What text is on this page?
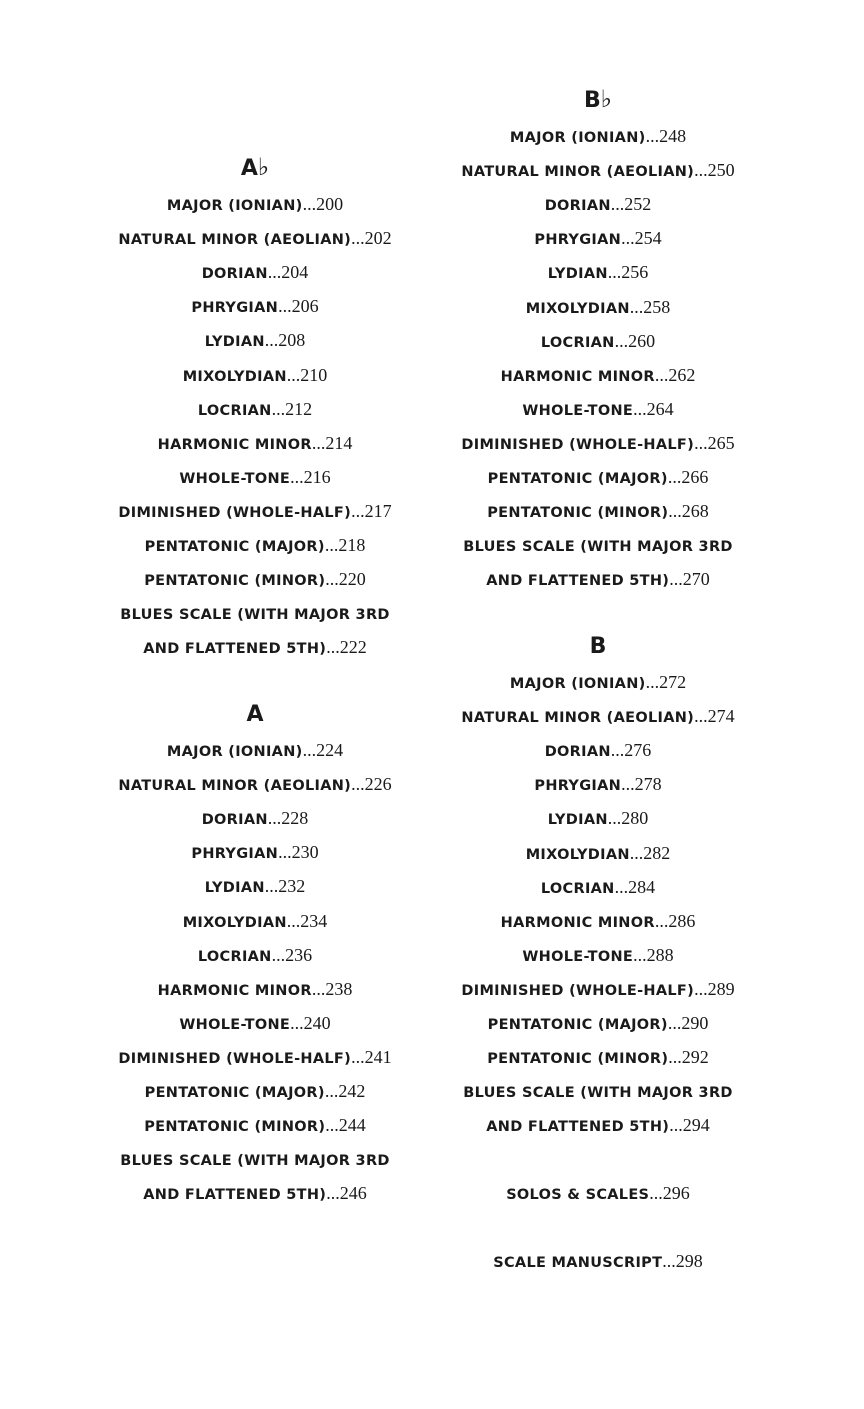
A♭
MAJOR (IONIAN)...200
NATURAL MINOR (AEOLIAN)...202
DORIAN...204
PHRYGIAN...206
LYDIAN...208
MIXOLYDIAN...210
LOCRIAN...212
HARMONIC MINOR...214
WHOLE-TONE...216
DIMINISHED (WHOLE-HALF)...217
PENTATONIC (MAJOR)...218
PENTATONIC (MINOR)...220
BLUES SCALE (WITH MAJOR 3RD
AND FLATTENED 5TH)...222
A
MAJOR (IONIAN)...224
NATURAL MINOR (AEOLIAN)...226
DORIAN...228
PHRYGIAN...230
LYDIAN...232
MIXOLYDIAN...234
LOCRIAN...236
HARMONIC MINOR...238
WHOLE-TONE...240
DIMINISHED (WHOLE-HALF)...241
PENTATONIC (MAJOR)...242
PENTATONIC (MINOR)...244
BLUES SCALE (WITH MAJOR 3RD
AND FLATTENED 5TH)...246
B♭
MAJOR (IONIAN)...248
NATURAL MINOR (AEOLIAN)...250
DORIAN...252
PHRYGIAN...254
LYDIAN...256
MIXOLYDIAN...258
LOCRIAN...260
HARMONIC MINOR...262
WHOLE-TONE...264
DIMINISHED (WHOLE-HALF)...265
PENTATONIC (MAJOR)...266
PENTATONIC (MINOR)...268
BLUES SCALE (WITH MAJOR 3RD
AND FLATTENED 5TH)...270
B
MAJOR (IONIAN)...272
NATURAL MINOR (AEOLIAN)...274
DORIAN...276
PHRYGIAN...278
LYDIAN...280
MIXOLYDIAN...282
LOCRIAN...284
HARMONIC MINOR...286
WHOLE-TONE...288
DIMINISHED (WHOLE-HALF)...289
PENTATONIC (MAJOR)...290
PENTATONIC (MINOR)...292
BLUES SCALE (WITH MAJOR 3RD
AND FLATTENED 5TH)...294
SOLOS & SCALES...296
SCALE MANUSCRIPT...298
